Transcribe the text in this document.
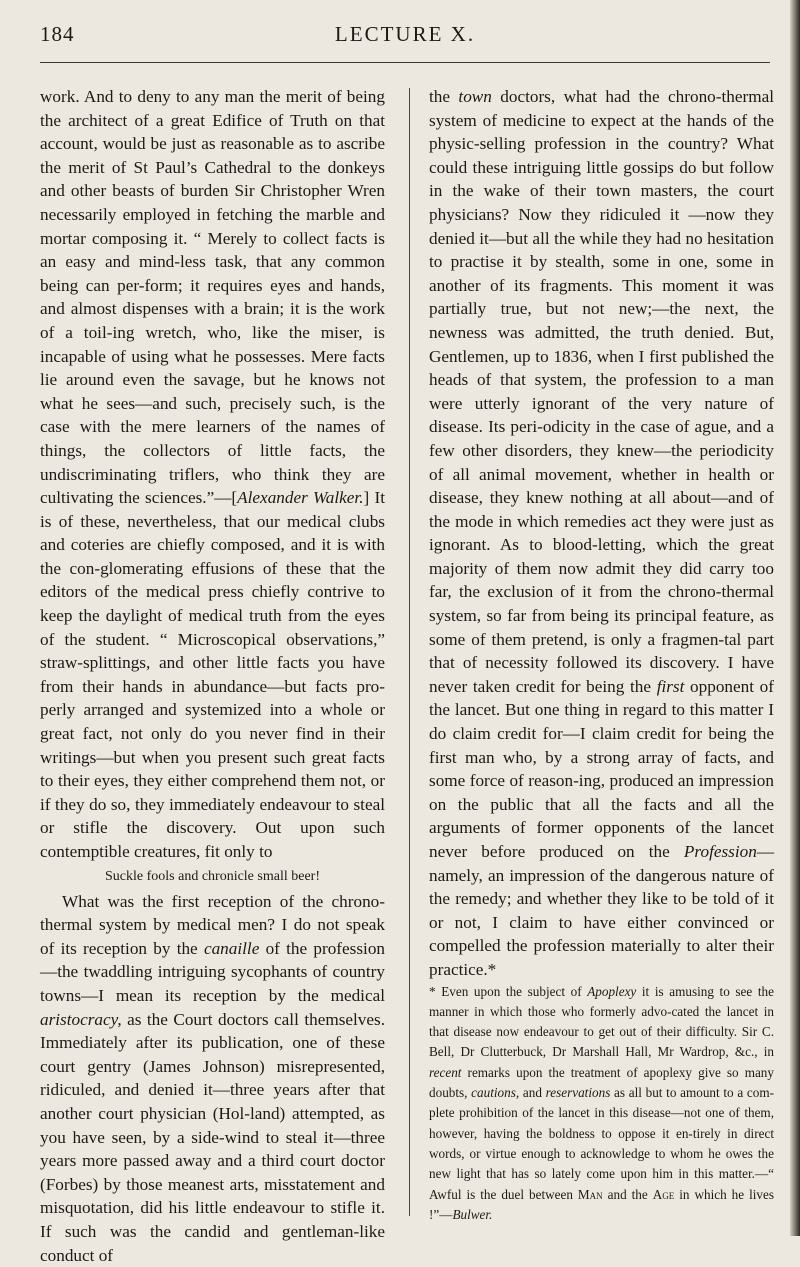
184	LECTURE X.

work. And to deny to any man the merit of being the architect of a great Edifice of Truth on that account, would be just as reasonable as to ascribe the merit of St Paul’s Cathedral to the donkeys and other beasts of burden Sir Christopher Wren necessarily employed in fetching the marble and mortar composing it. “ Merely to collect facts is an easy and mind-less task, that any common being can per-form; it requires eyes and hands, and almost dispenses with a brain; it is the work of a toil-ing wretch, who, like the miser, is incapable of using what he possesses. Mere facts lie around even the savage, but he knows not what he sees—and such, precisely such, is the case with the mere learners of the names of things, the collectors of little facts, the undiscriminating triflers, who think they are cultivating the sciences.”—[Alexander Walker.] It is of these, nevertheless, that our medical clubs and coteries are chiefly composed, and it is with the con-glomerating effusions of these that the editors of the medical press chiefly contrive to keep the daylight of medical truth from the eyes of the student. “ Microscopical observations,” straw-splittings, and other little facts you have from their hands in abundance—but facts pro-perly arranged and systemized into a whole or great fact, not only do you never find in their writings—but when you present such great facts to their eyes, they either comprehend them not, or if they do so, they immediately endeavour to steal or stifle the discovery. Out upon such contemptible creatures, fit only to

Suckle fools and chronicle small beer!

What was the first reception of the chrono-thermal system by medical men? I do not speak of its reception by the canaille of the profession—the twaddling intriguing sycophants of country towns—I mean its reception by the medical aristocracy, as the Court doctors call themselves. Immediately after its publication, one of these court gentry (James Johnson) misrepresented, ridiculed, and denied it—three years after that another court physician (Hol-land) attempted, as you have seen, by a side-wind to steal it—three years more passed away and a third court doctor (Forbes) by those meanest arts, misstatement and misquotation, did his little endeavour to stifle it. If such was the candid and gentleman-like conduct of

the town doctors, what had the chrono-thermal system of medicine to expect at the hands of the physic-selling profession in the country? What could these intriguing little gossips do but follow in the wake of their town masters, the court physicians? Now they ridiculed it —now they denied it—but all the while they had no hesitation to practise it by stealth, some in one, some in another of its fragments. This moment it was partially true, but not new;—the next, the newness was admitted, the truth denied. But, Gentlemen, up to 1836, when I first published the heads of that system, the profession to a man were utterly ignorant of the very nature of disease. Its peri-odicity in the case of ague, and a few other disorders, they knew—the periodicity of all animal movement, whether in health or disease, they knew nothing at all about—and of the mode in which remedies act they were just as ignorant. As to blood-letting, which the great majority of them now admit they did carry too far, the exclusion of it from the chrono-thermal system, so far from being its principal feature, as some of them pretend, is only a fragmen-tal part that of necessity followed its discovery. I have never taken credit for being the first opponent of the lancet. But one thing in regard to this matter I do claim credit for—I claim credit for being the first man who, by a strong array of facts, and some force of reason-ing, produced an impression on the public that all the facts and all the arguments of former opponents of the lancet never before produced on the Profession—namely, an impression of the dangerous nature of the remedy; and whether they like to be told of it or not, I claim to have either convinced or compelled the profession materially to alter their practice.*

* Even upon the subject of Apoplexy it is amusing to see the manner in which those who formerly advo-cated the lancet in that disease now endeavour to get out of their difficulty. Sir C. Bell, Dr Clutterbuck, Dr Marshall Hall, Mr Wardrop, &c., in recent remarks upon the treatment of apoplexy give so many doubts, cautions, and reservations as all but to amount to a com-plete prohibition of the lancet in this disease—not one of them, however, having the boldness to oppose it en-tirely in direct words, or virtue enough to acknowledge to whom he owes the new light that has so lately come upon him in this matter.—“ Awful is the duel between Man and the Age in which he lives !”—Bulwer.
